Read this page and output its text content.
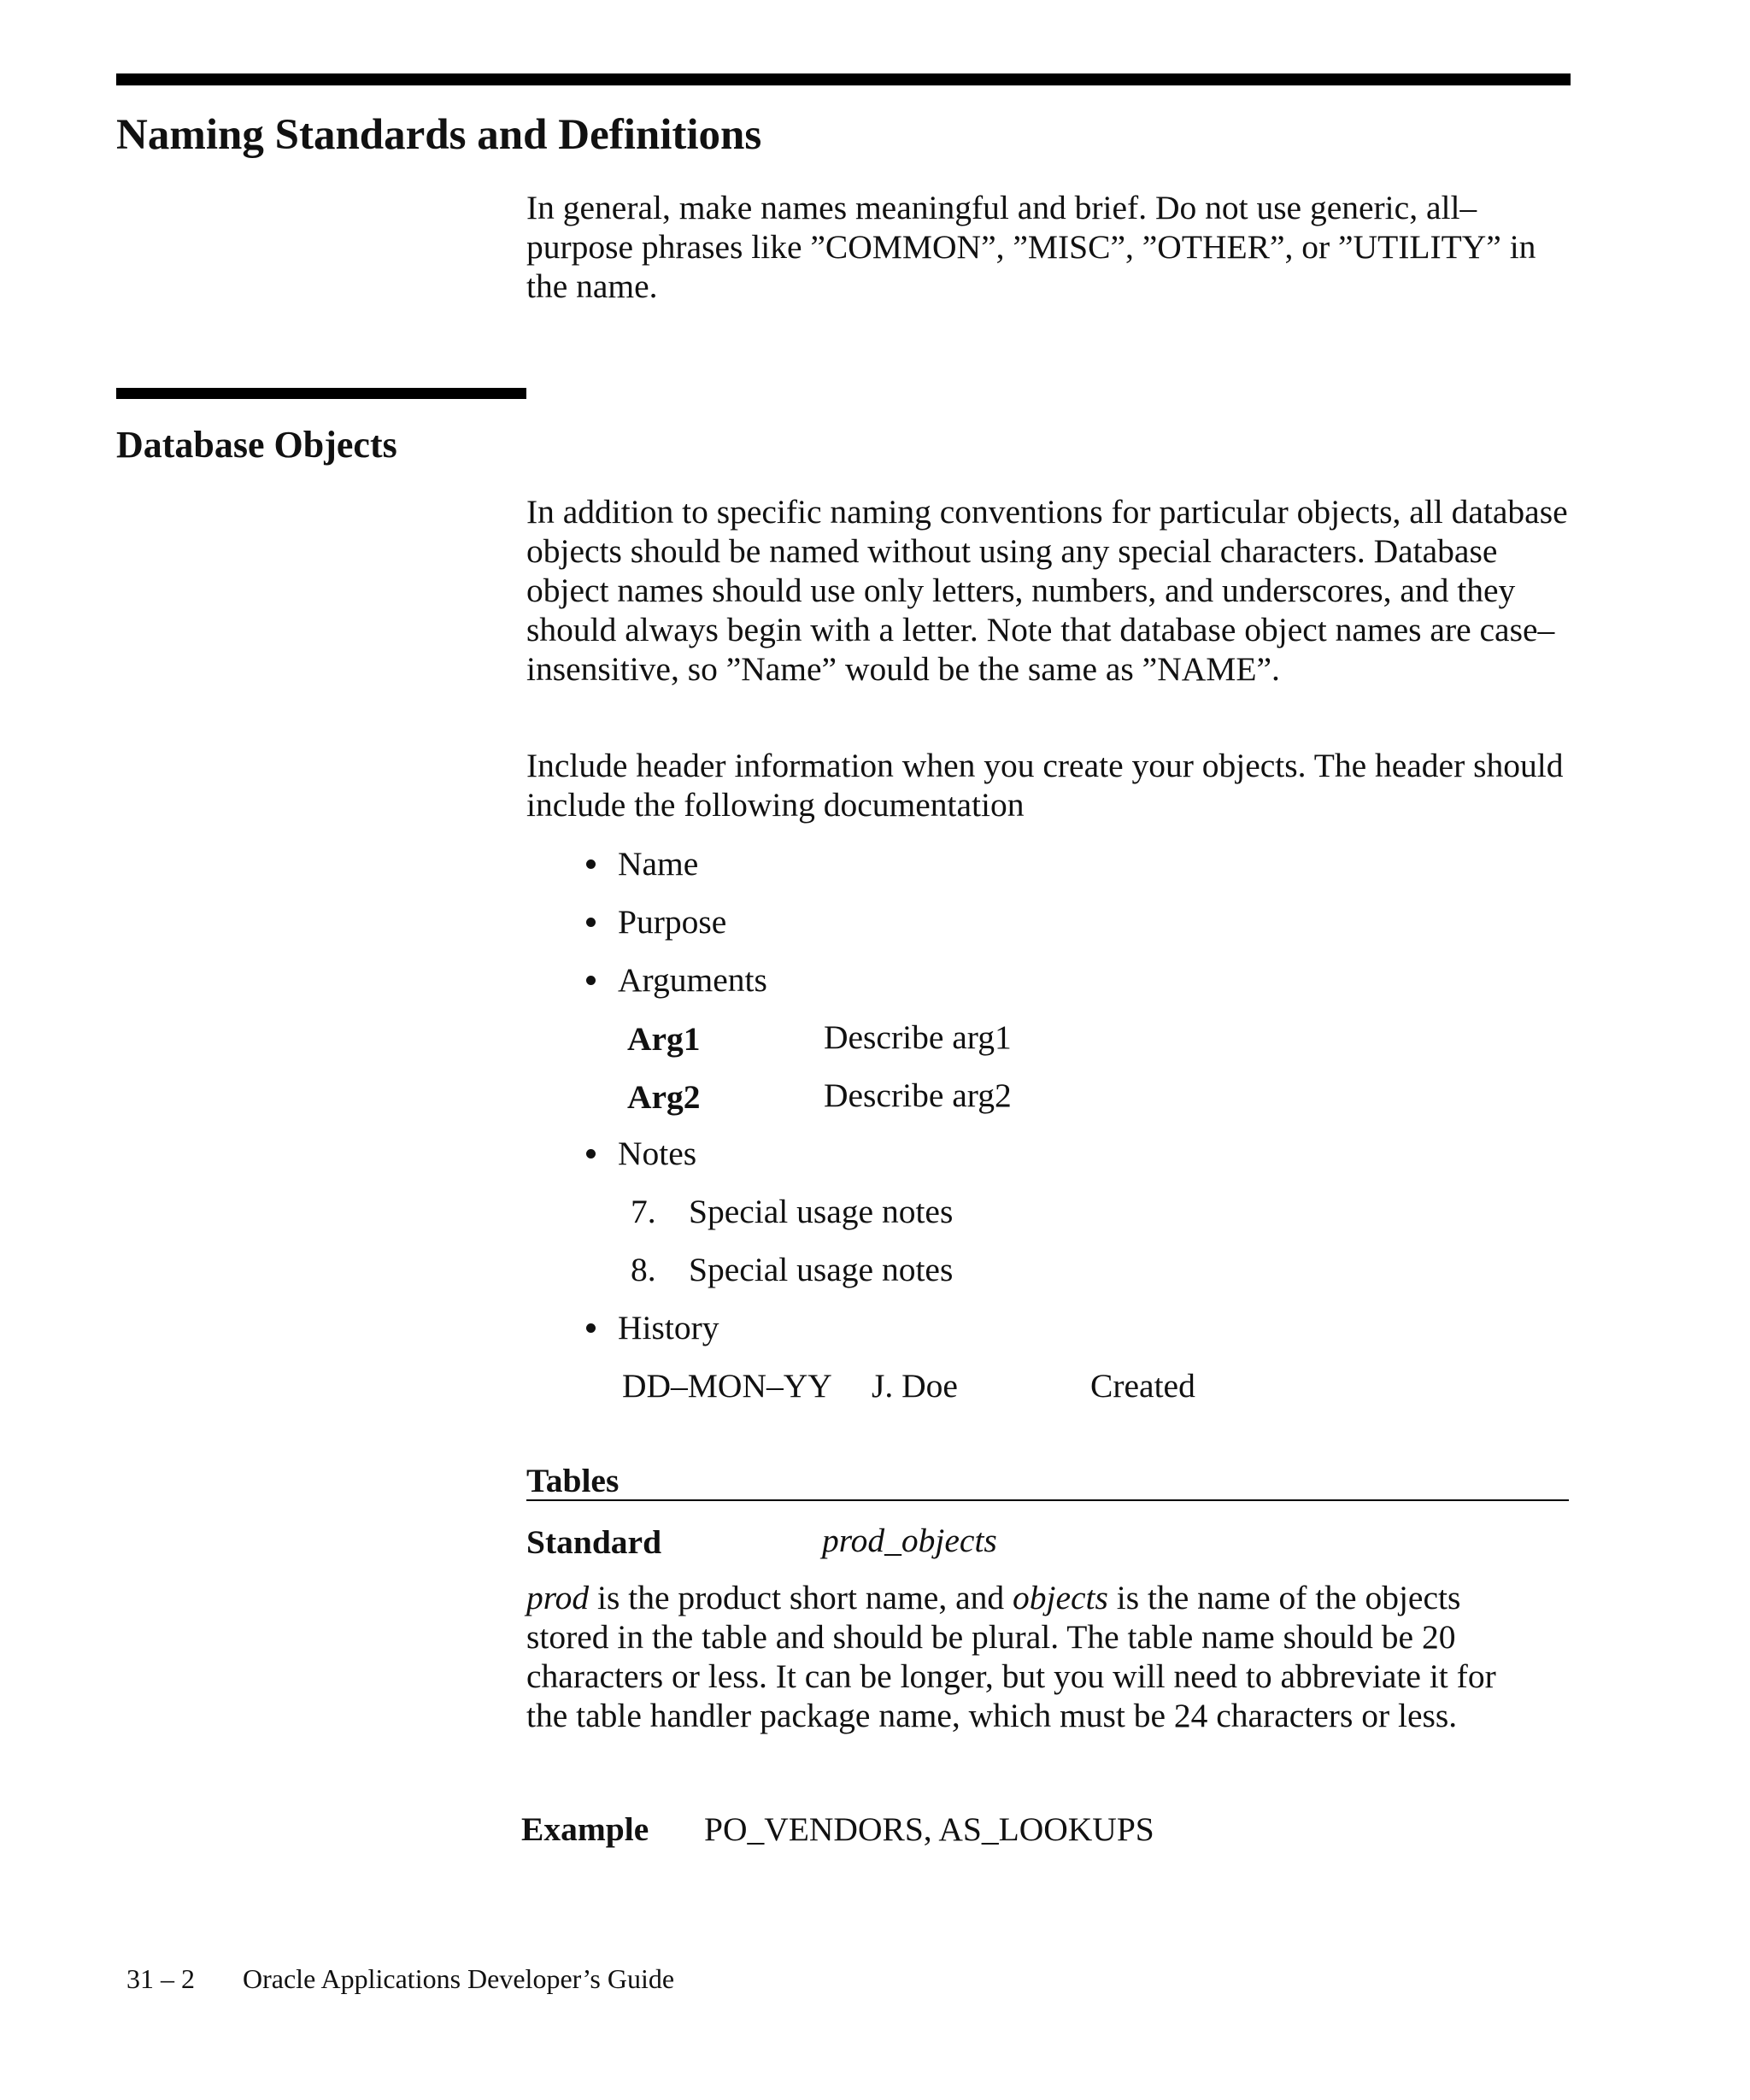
Naming Standards and Definitions

In general, make names meaningful and brief. Do not use generic, all–purpose phrases like ”COMMON”, ”MISC”, ”OTHER”, or ”UTILITY” in the name.

Database Objects

In addition to specific naming conventions for particular objects, all database objects should be named without using any special characters. Database object names should use only letters, numbers, and underscores, and they should always begin with a letter. Note that database object names are case–insensitive, so ”Name” would be the same as ”NAME”.

Include header information when you create your objects. The header should include the following documentation

Name
Purpose
Arguments
Arg1	Describe arg1
Arg2	Describe arg2
Notes
7. Special usage notes
8. Special usage notes
History
DD–MON–YY J. Doe	Created
Tables
Standard	prod_objects

prod is the product short name, and objects is the name of the objects stored in the table and should be plural. The table name should be 20 characters or less. It can be longer, but you will need to abbreviate it for the table handler package name, which must be 24 characters or less.

Example PO_VENDORS, AS_LOOKUPS
31 – 2 Oracle Applications Developer’s Guide
